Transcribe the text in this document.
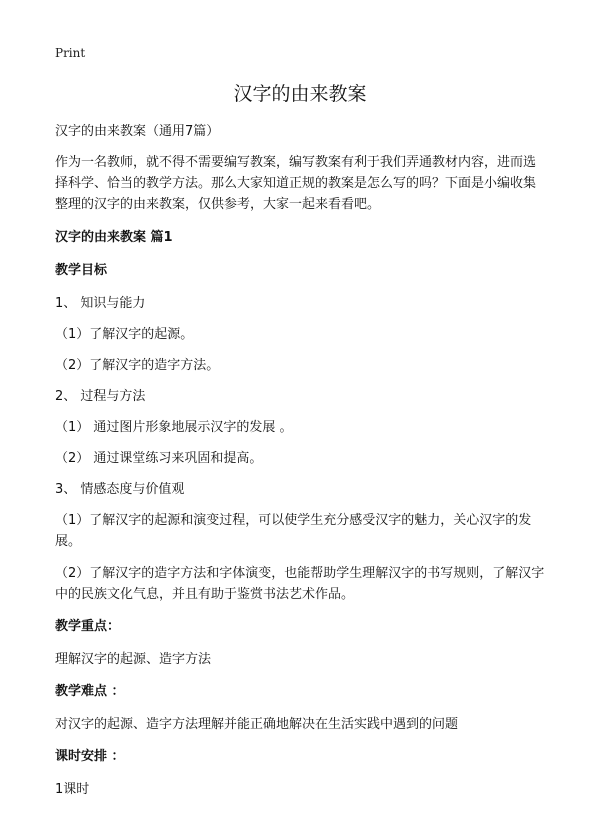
Print
汉字的由来教案

汉字的由来教案（通用7篇）

作为一名教师，就不得不需要编写教案，编写教案有利于我们弄通教材内容，进而选择科学、恰当的教学方法。那么大家知道正规的教案是怎么写的吗？下面是小编收集整理的汉字的由来教案，仅供参考，大家一起来看看吧。

汉字的由来教案 篇1

教学目标

1、 知识与能力

（1）了解汉字的起源。

（2）了解汉字的造字方法。

2、 过程与方法

（1） 通过图片形象地展示汉字的发展 。

（2） 通过课堂练习来巩固和提高。

3、 情感态度与价值观

（1）了解汉字的起源和演变过程，可以使学生充分感受汉字的魅力，关心汉字的发展。

（2）了解汉字的造字方法和字体演变，也能帮助学生理解汉字的书写规则，了解汉字中的民族文化气息，并且有助于鉴赏书法艺术作品。

教学重点：

理解汉字的起源、造字方法

教学难点 ：

对汉字的起源、造字方法理解并能正确地解决在生活实践中遇到的问题

课时安排 ：

1课时
